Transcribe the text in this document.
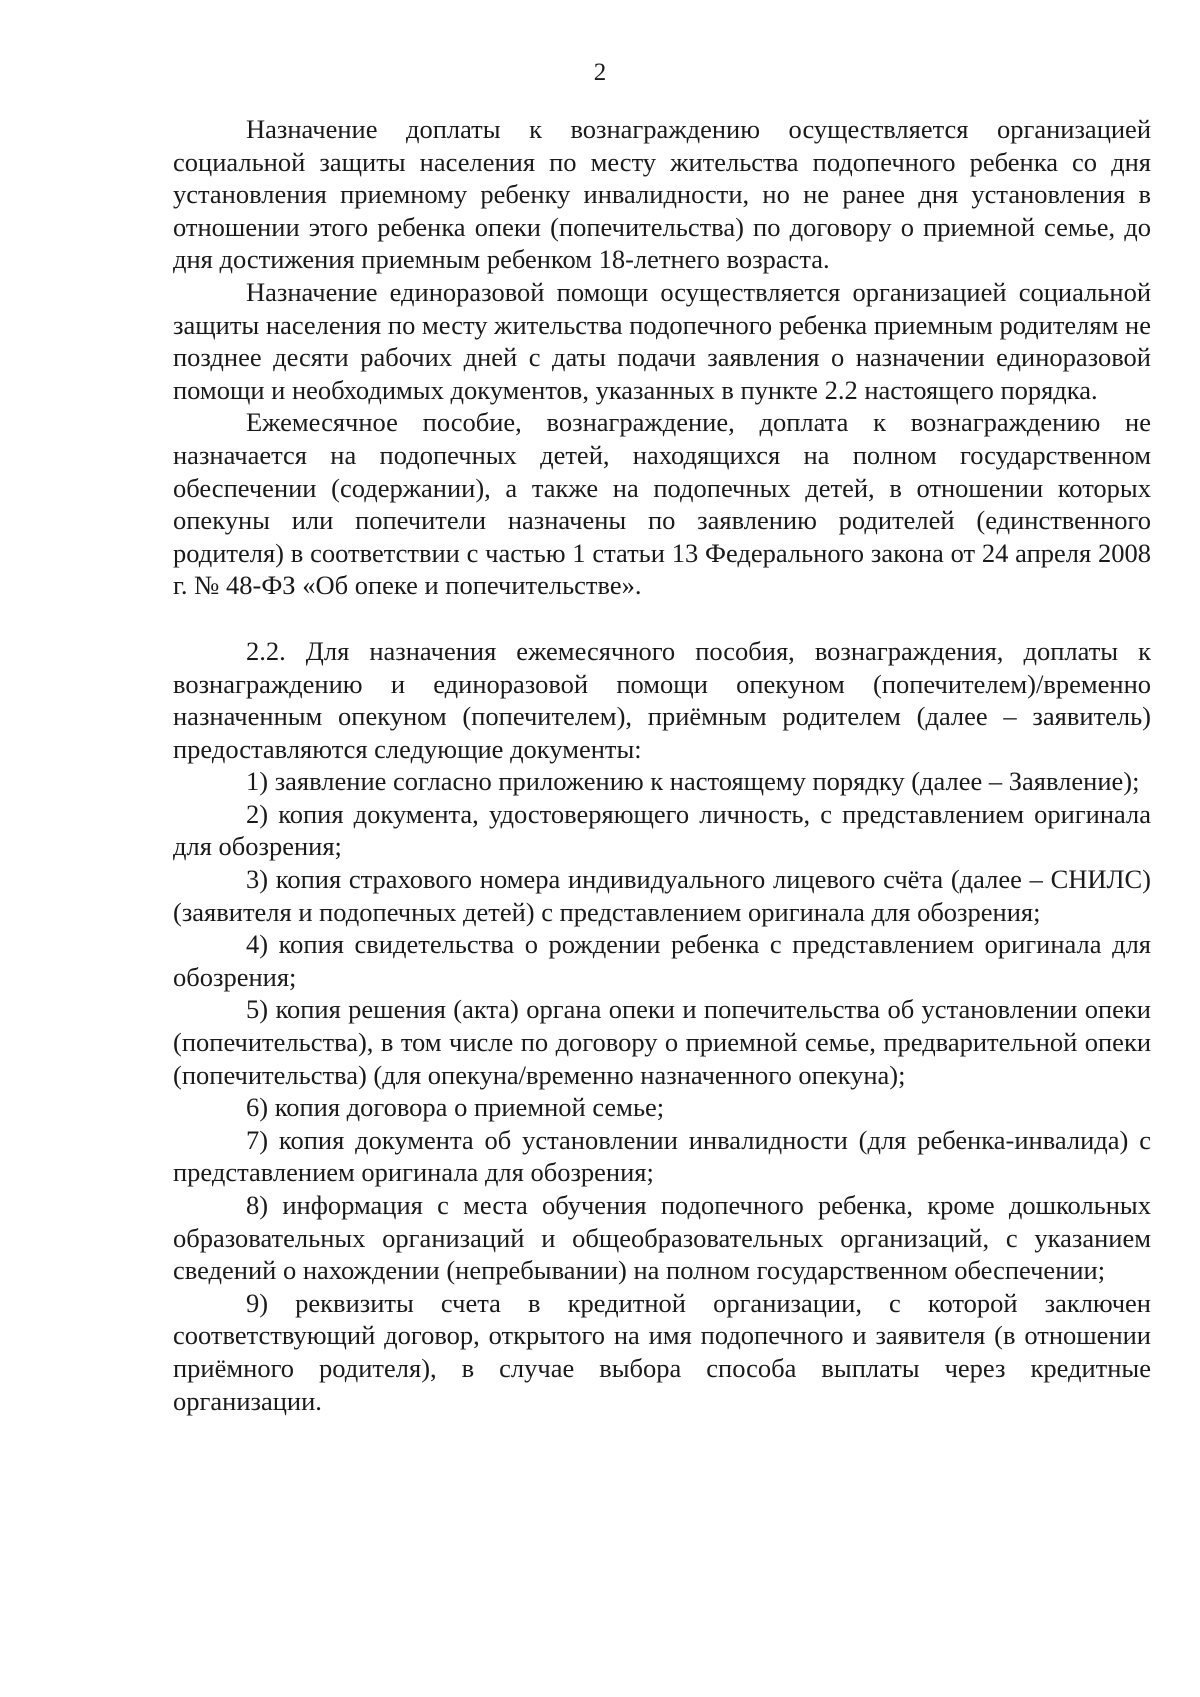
2

Назначение доплаты к вознаграждению осуществляется организацией социальной защиты населения по месту жительства подопечного ребенка со дня установления приемному ребенку инвалидности, но не ранее дня установления в отношении этого ребенка опеки (попечительства) по договору о приемной семье, до дня достижения приемным ребенком 18-летнего возраста.

Назначение единоразовой помощи осуществляется организацией социальной защиты населения по месту жительства подопечного ребенка приемным родителям не позднее десяти рабочих дней с даты подачи заявления о назначении единоразовой помощи и необходимых документов, указанных в пункте 2.2 настоящего порядка.

Ежемесячное пособие, вознаграждение, доплата к вознаграждению не назначается на подопечных детей, находящихся на полном государственном обеспечении (содержании), а также на подопечных детей, в отношении которых опекуны или попечители назначены по заявлению родителей (единственного родителя) в соответствии с частью 1 статьи 13 Федерального закона от 24 апреля 2008 г. № 48-ФЗ «Об опеке и попечительстве».

2.2. Для назначения ежемесячного пособия, вознаграждения, доплаты к вознаграждению и единоразовой помощи опекуном (попечителем)/временно назначенным опекуном (попечителем), приёмным родителем (далее – заявитель) предоставляются следующие документы:

1) заявление согласно приложению к настоящему порядку (далее – Заявление);

2) копия документа, удостоверяющего личность, с представлением оригинала для обозрения;

3) копия страхового номера индивидуального лицевого счёта (далее – СНИЛС) (заявителя и подопечных детей) с представлением оригинала для обозрения;

4) копия свидетельства о рождении ребенка с представлением оригинала для обозрения;

5) копия решения (акта) органа опеки и попечительства об установлении опеки (попечительства), в том числе по договору о приемной семье, предварительной опеки (попечительства) (для опекуна/временно назначенного опекуна);

6) копия договора о приемной семье;

7) копия документа об установлении инвалидности (для ребенка-инвалида) с представлением оригинала для обозрения;

8) информация с места обучения подопечного ребенка, кроме дошкольных образовательных организаций и общеобразовательных организаций, с указанием сведений о нахождении (непребывании) на полном государственном обеспечении;

9) реквизиты счета в кредитной организации, с которой заключен соответствующий договор, открытого на имя подопечного и заявителя (в отношении приёмного родителя), в случае выбора способа выплаты через кредитные организации.
